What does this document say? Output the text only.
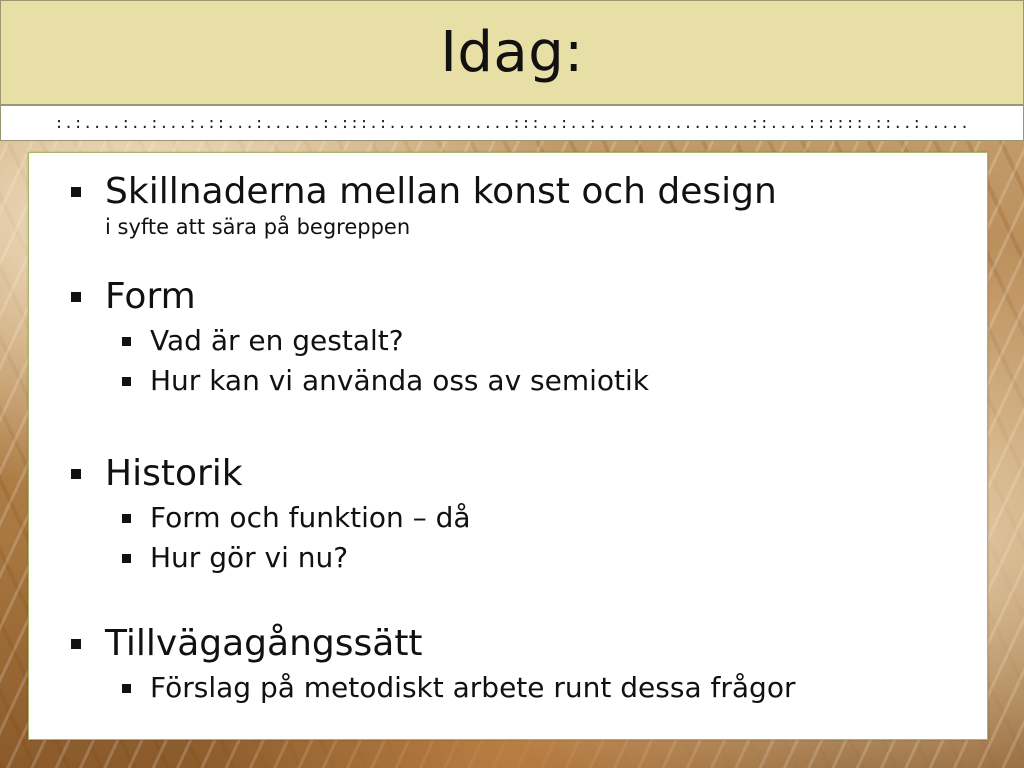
Idag:
:.:....:..:...:.::...:......:.:::.:.............:::..:..:................::....::::::.::..:.....
Skillnaderna mellan konst och design
i syfte att sära på begreppen
Form
Vad är en gestalt?
Hur kan vi använda oss av semiotik
Historik
Form och funktion – då
Hur gör vi nu?
Tillvägagångssätt
Förslag på metodiskt arbete runt dessa frågor
